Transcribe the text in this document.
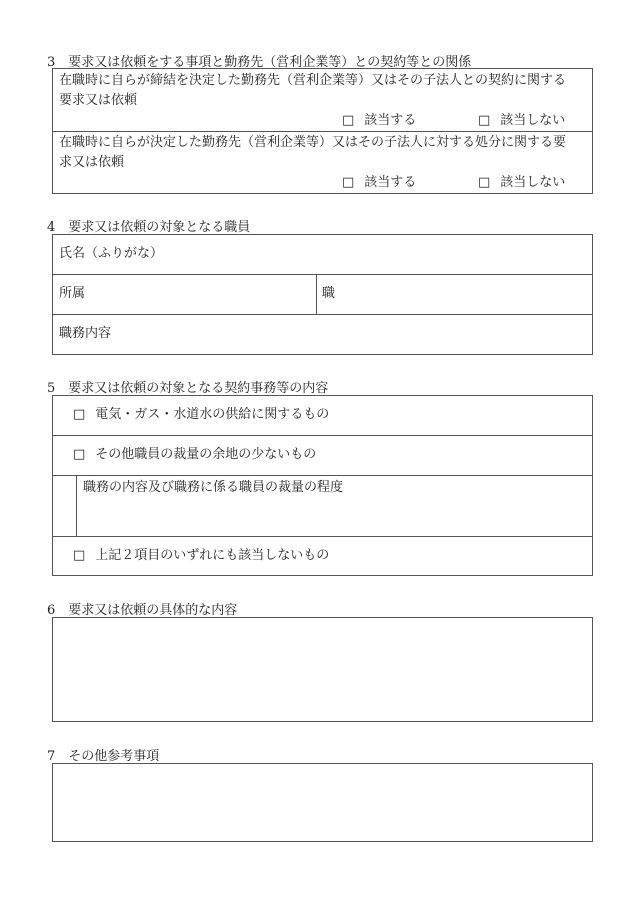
3　要求又は依頼をする事項と勤務先（営利企業等）との契約等との関係
在職時に自らが締結を決定した勤務先（営利企業等）又はその子法人との契約に関する
要求又は依頼
□ 該当する	□ 該当しない
在職時に自らが決定した勤務先（営利企業等）又はその子法人に対する処分に関する要
求又は依頼
□ 該当する	□ 該当しない
4　要求又は依頼の対象となる職員
氏名（ふりがな）
所属	職
職務内容
5　要求又は依頼の対象となる契約事務等の内容
□ 電気・ガス・水道水の供給に関するもの
□ その他職員の裁量の余地の少ないもの
職務の内容及び職務に係る職員の裁量の程度
□ 上記２項目のいずれにも該当しないもの
6　要求又は依頼の具体的な内容
7　その他参考事項
